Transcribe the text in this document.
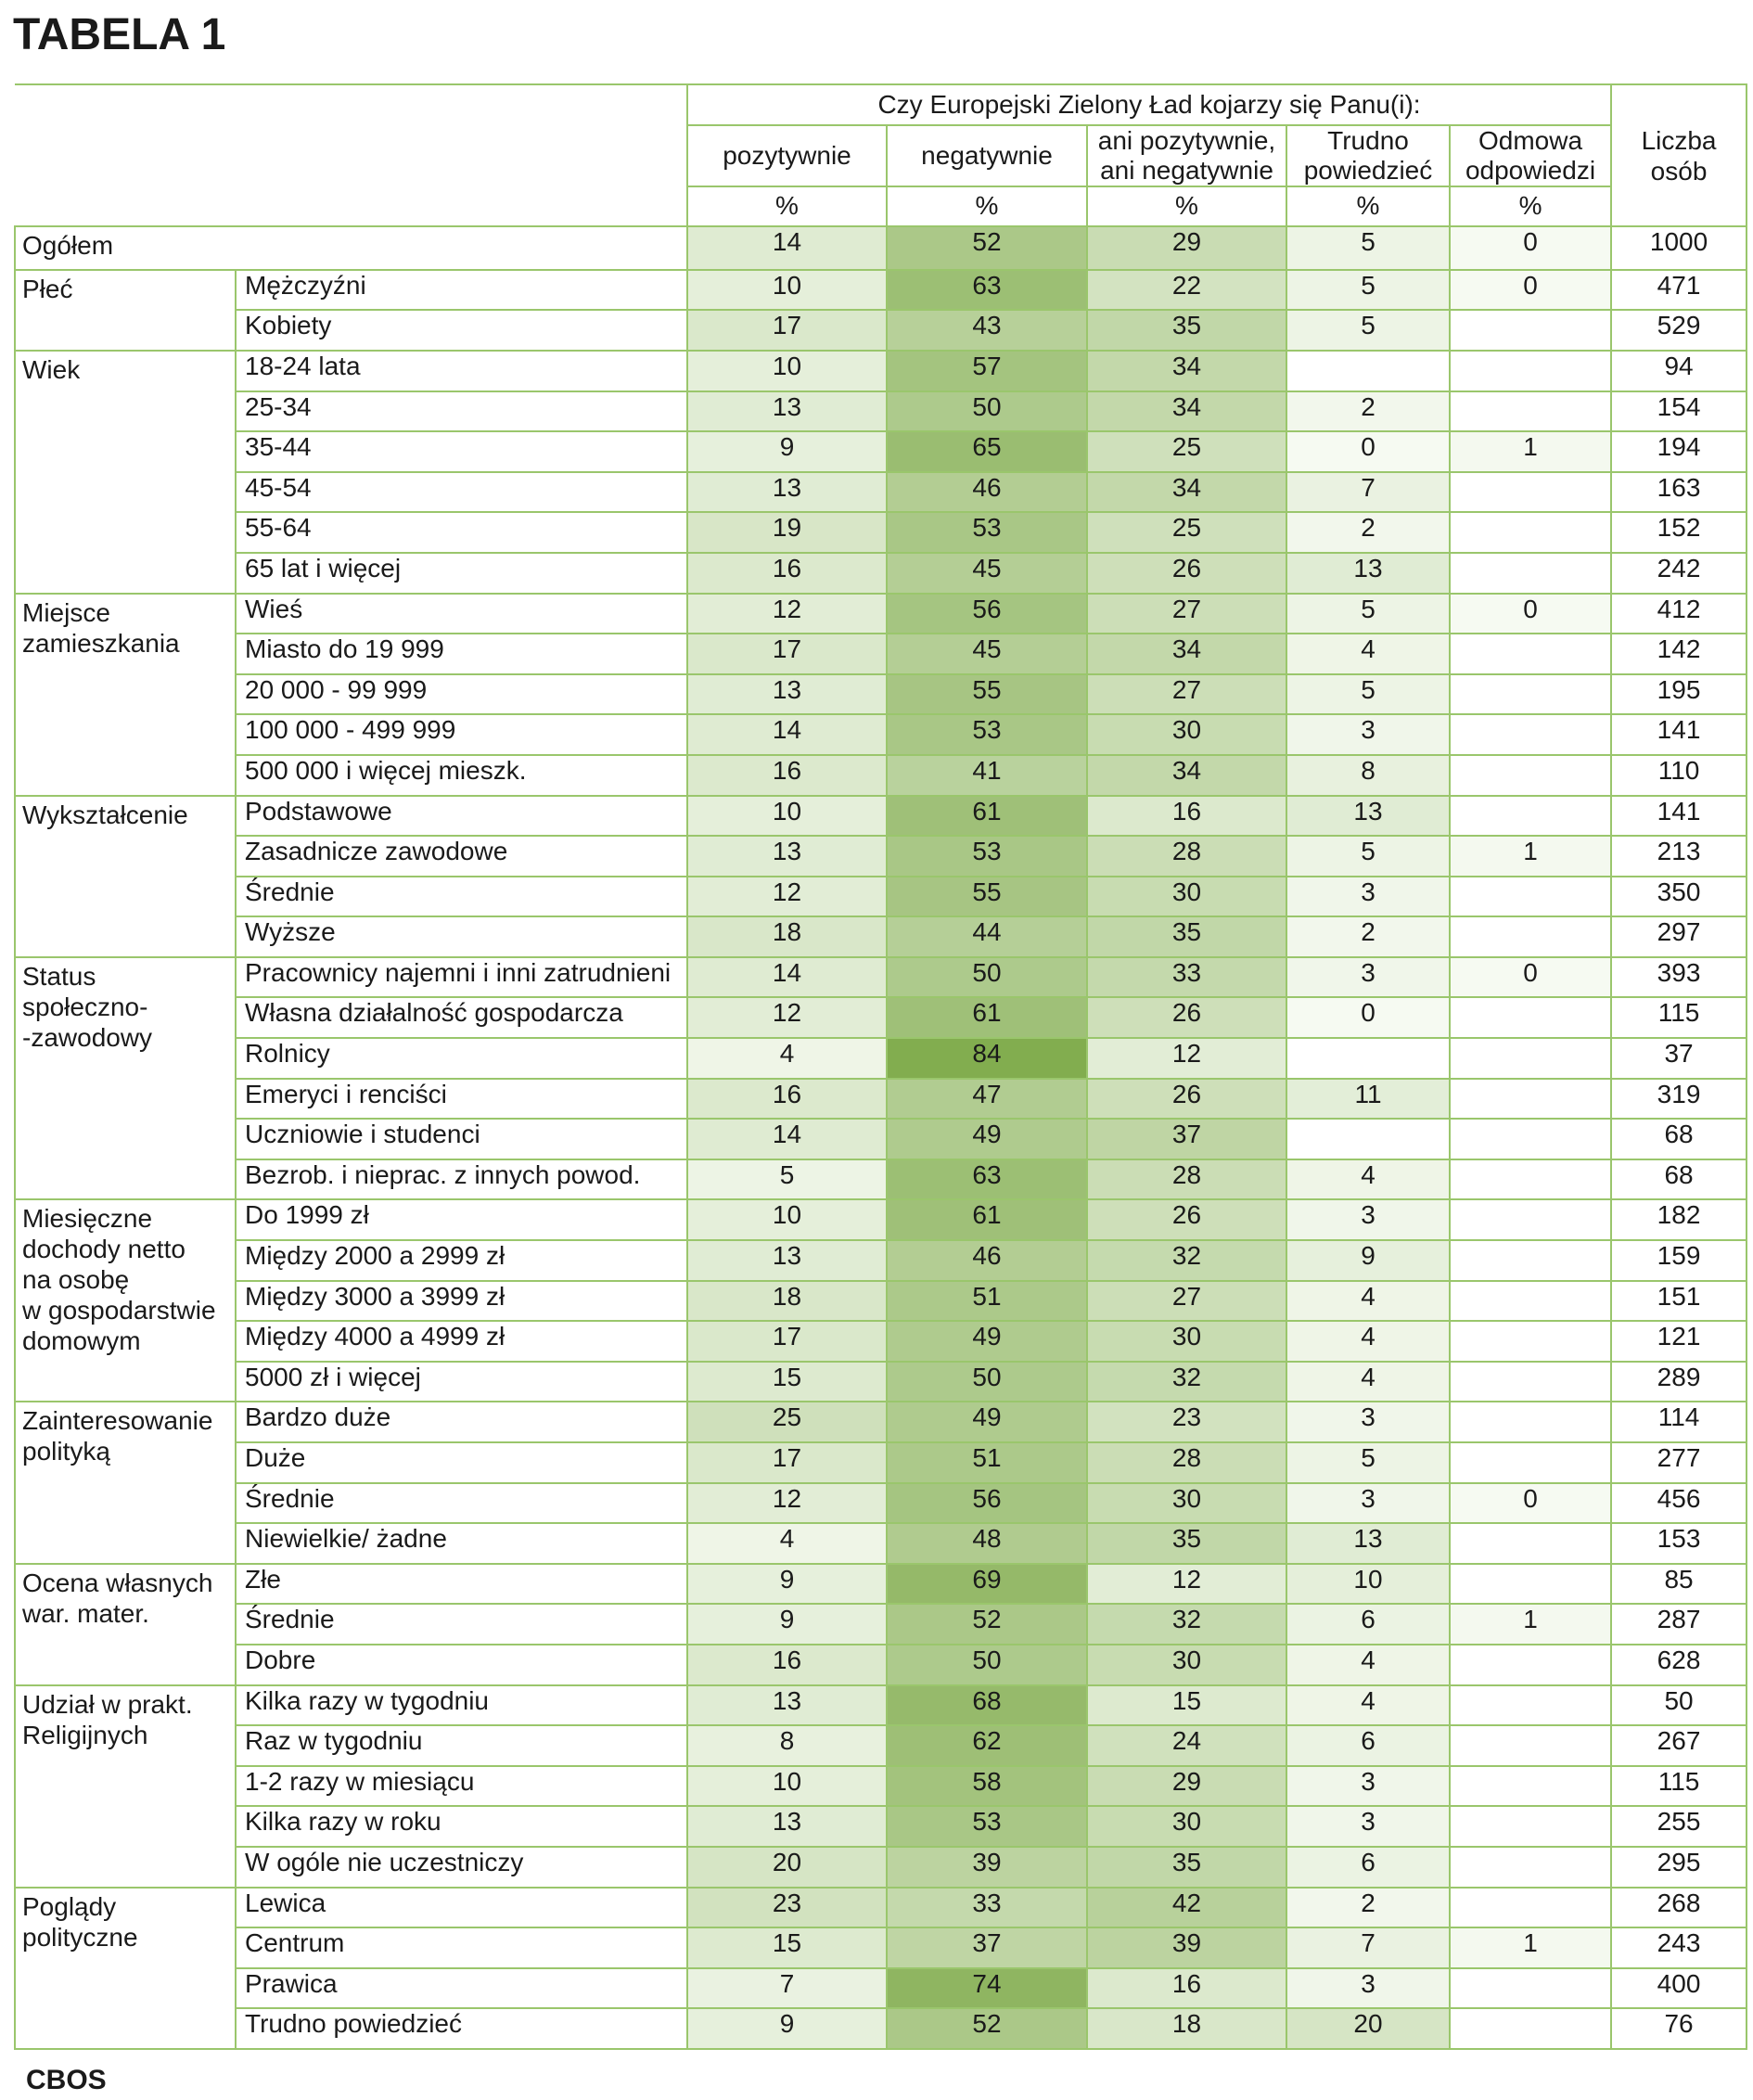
TABELA 1
		Czy Europejski Zielony Ład kojarzy się Panu(i):					Liczba
osób

		pozytywnie	negatywnie	ani pozytywnie,
ani negatywnie	Trudno
powiedzieć	Odmowa
odpowiedzi	
		%	%	%	%	%	
Ogółem		14	52	29	5	0	1000
Płeć	Mężczyźni	10	63	22	5	0	471
	Kobiety	17	43	35	5		529
Wiek	18-24 lata	10	57	34			94
	25-34	13	50	34	2		154
	35-44	9	65	25	0	1	194
	45-54	13	46	34	7		163
	55-64	19	53	25	2		152
	65 lat i więcej	16	45	26	13		242
Miejsce
zamieszkania	Wieś	12	56	27	5	0	412
	Miasto do 19 999	17	45	34	4		142
	20 000 - 99 999	13	55	27	5		195
	100 000 - 499 999	14	53	30	3		141
	500 000 i więcej mieszk.	16	41	34	8		110
Wykształcenie	Podstawowe	10	61	16	13		141
	Zasadnicze zawodowe	13	53	28	5	1	213
	Średnie	12	55	30	3		350
	Wyższe	18	44	35	2		297
Status
społeczno-
-zawodowy	Pracownicy najemni i inni zatrudnieni	14	50	33	3	0	393
	Własna działalność gospodarcza	12	61	26	0		115
	Rolnicy	4	84	12			37
	Emeryci i renciści	16	47	26	11		319
	Uczniowie i studenci	14	49	37			68
	Bezrob. i nieprac. z innych powod.	5	63	28	4		68
Miesięczne
dochody netto
na osobę
w gospodarstwie
domowym	Do 1999 zł	10	61	26	3		182
	Między 2000 a 2999 zł	13	46	32	9		159
	Między 3000 a 3999 zł	18	51	27	4		151
	Między 4000 a 4999 zł	17	49	30	4		121
	5000 zł i więcej	15	50	32	4		289
Zainteresowanie
polityką	Bardzo duże	25	49	23	3		114
	Duże	17	51	28	5		277
	Średnie	12	56	30	3	0	456
	Niewielkie/ żadne	4	48	35	13		153
Ocena własnych
war. mater.	Złe	9	69	12	10		85
	Średnie	9	52	32	6	1	287
	Dobre	16	50	30	4		628
Udział w prakt.
Religijnych	Kilka razy w tygodniu	13	68	15	4		50
	Raz w tygodniu	8	62	24	6		267
	1-2 razy w miesiącu	10	58	29	3		115
	Kilka razy w roku	13	53	30	3		255
	W ogóle nie uczestniczy	20	39	35	6		295
Poglądy
polityczne	Lewica	23	33	42	2		268
	Centrum	15	37	39	7	1	243
	Prawica	7	74	16	3		400
	Trudno powiedzieć	9	52	18	20		76
CBOS
